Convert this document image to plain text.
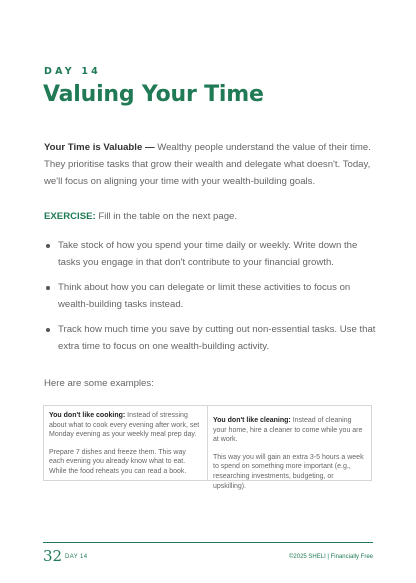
DAY 14
Valuing Your Time

Your Time is Valuable — Wealthy people understand the value of their time. They prioritise tasks that grow their wealth and delegate what doesn't. Today, we'll focus on aligning your time with your wealth-building goals.

EXERCISE: Fill in the table on the next page.

Take stock of how you spend your time daily or weekly. Write down the tasks you engage in that don't contribute to your financial growth.
Think about how you can delegate or limit these activities to focus on wealth-building tasks instead.
Track how much time you save by cutting out non-essential tasks. Use that extra time to focus on one wealth-building activity.

Here are some examples:

You don't like cooking: Instead of stressing about what to cook every evening after work, set Monday evening as your weekly meal prep day.

Prepare 7 dishes and freeze them. This way each evening you already know what to eat. While the food reheats you can read a book.

You don't like cleaning: Instead of cleaning your home, hire a cleaner to come while you are at work.

This way you will gain an extra 3-5 hours a week to spend on something more important (e.g., researching investments, budgeting, or upskilling).

32 DAY 14	©2025 SHELI | Financially Free
